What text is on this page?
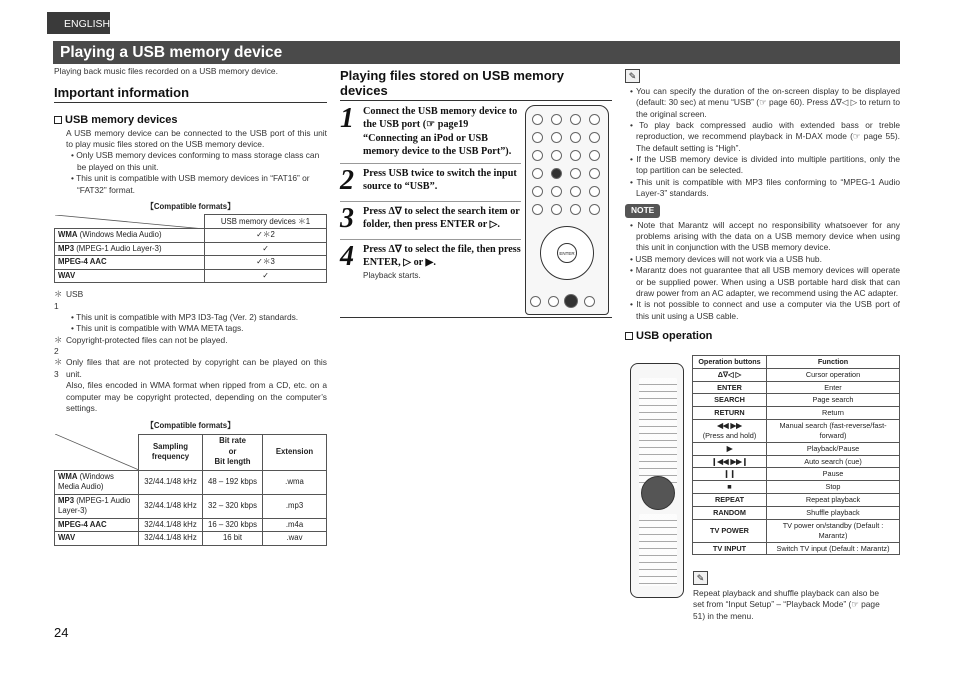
ENGLISH
Playing a USB memory device
Playing back music files recorded on a USB memory device.
Important information
USB memory devices
A USB memory device can be connected to the USB port of this unit to play music files stored on the USB memory device.
• Only USB memory devices conforming to mass storage class can be played on this unit.
• This unit is compatible with USB memory devices in “FAT16” or “FAT32” format.
【Compatible formats】
	USB memory devices ＊1
WMA (Windows Media Audio)	✓＊2
MP3 (MPEG-1 Audio Layer-3)	✓
MPEG-4 AAC	✓＊3
WAV	✓
＊1
USB
• This unit is compatible with MP3 ID3-Tag (Ver. 2) standards.
• This unit is compatible with WMA META tags.
＊2
Copyright-protected files can not be played.
＊3
Only files that are not protected by copyright can be played on this unit.
Also, files encoded in WMA format when ripped from a CD, etc. on a computer may be copyright protected, depending on the computer’s settings.
【Compatible formats】
	Sampling frequency	Bit rate
or
Bit length	Extension
WMA (Windows Media Audio)	32/44.1/48 kHz	48 – 192 kbps	.wma
MP3 (MPEG-1 Audio Layer-3)	32/44.1/48 kHz	32 – 320 kbps	.mp3
MPEG-4 AAC	32/44.1/48 kHz	16 – 320 kbps	.m4a
WAV	32/44.1/48 kHz	16 bit	.wav
24
Playing files stored on USB memory devices
1 Connect the USB memory device to the USB port (☞ page19 “Connecting an iPod or USB memory device to the USB Port”).
2 Press USB twice to switch the input source to “USB”.
3 Press Δ∇ to select the search item or folder, then press ENTER or ▷.
4 Press Δ∇ to select the file, then press ENTER, ▷ or ▶.
Playback starts.
ENTER
✎
• You can specify the duration of the on-screen display to be displayed (default: 30 sec) at menu “USB” (☞ page 60). Press Δ∇◁ ▷ to return to the original screen.
• To play back compressed audio with extended bass or treble reproduction, we recommend playback in M-DAX mode (☞ page 55). The default setting is “High”.
• If the USB memory device is divided into multiple partitions, only the top partition can be selected.
• This unit is compatible with MP3 files conforming to “MPEG-1 Audio Layer-3” standards.
NOTE
• Note that Marantz will accept no responsibility whatsoever for any problems arising with the data on a USB memory device when using this unit in conjunction with the USB memory device.
• USB memory devices will not work via a USB hub.
• Marantz does not guarantee that all USB memory devices will operate or be supplied power. When using a USB portable hard disk that can draw power from an AC adapter, we recommend using the AC adapter.
• It is not possible to connect and use a computer via the USB port of this unit using a USB cable.
USB operation
Operation buttons	Function
Δ∇◁ ▷	Cursor operation
ENTER	Enter
SEARCH	Page search
RETURN	Return

◀◀ ▶▶
(Press and hold)	Manual search (fast-reverse/fast-forward)
▶	Playback/Pause
❙◀◀ ▶▶❙	Auto search (cue)
❙❙	Pause
■	Stop
REPEAT	Repeat playback
RANDOM	Shuffle playback
TV POWER	TV power on/standby (Default : Marantz)
TV INPUT	Switch TV input (Default : Marantz)
✎
Repeat playback and shuffle playback can also be set from “Input Setup” – “Playback Mode” (☞ page 51) in the menu.
